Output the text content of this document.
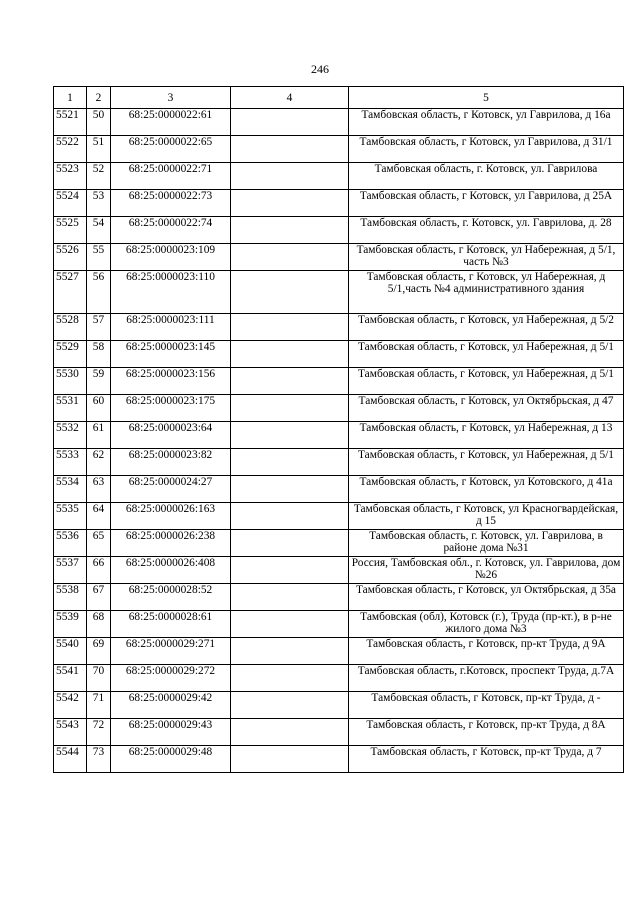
246
1	2	3	4	5
5521	50	68:25:0000022:61		Тамбовская область, г Котовск, ул Гаврилова, д 16а
5522	51	68:25:0000022:65		Тамбовская область, г Котовск, ул Гаврилова, д 31/1
5523	52	68:25:0000022:71		Тамбовская область, г. Котовск, ул. Гаврилова
5524	53	68:25:0000022:73		Тамбовская область, г Котовск, ул Гаврилова, д 25А
5525	54	68:25:0000022:74		Тамбовская область, г. Котовск, ул. Гаврилова, д. 28
5526	55	68:25:0000023:109		Тамбовская область, г Котовск, ул Набережная, д 5/1, часть №3
5527	56	68:25:0000023:110		Тамбовская область, г Котовск, ул Набережная, д 5/1,часть №4 административного здания
5528	57	68:25:0000023:111		Тамбовская область, г Котовск, ул Набережная, д 5/2
5529	58	68:25:0000023:145		Тамбовская область, г Котовск, ул Набережная, д 5/1
5530	59	68:25:0000023:156		Тамбовская область, г Котовск, ул Набережная, д 5/1
5531	60	68:25:0000023:175		Тамбовская область, г Котовск, ул Октябрьская, д 47
5532	61	68:25:0000023:64		Тамбовская область, г Котовск, ул Набережная, д 13
5533	62	68:25:0000023:82		Тамбовская область, г Котовск, ул Набережная, д 5/1
5534	63	68:25:0000024:27		Тамбовская область, г Котовск, ул Котовского, д 41а
5535	64	68:25:0000026:163		Тамбовская область, г Котовск, ул Красногвардейская, д 15
5536	65	68:25:0000026:238		Тамбовская область, г. Котовск, ул. Гаврилова, в районе дома №31
5537	66	68:25:0000026:408		Россия, Тамбовская обл., г. Котовск, ул. Гаврилова, дом №26
5538	67	68:25:0000028:52		Тамбовская область, г Котовск, ул Октябрьская, д 35а
5539	68	68:25:0000028:61		Тамбовская (обл), Котовск (г.), Труда (пр-кт.), в р-не жилого дома №3
5540	69	68:25:0000029:271		Тамбовская область, г Котовск, пр-кт Труда, д 9А
5541	70	68:25:0000029:272		Тамбовская область, г.Котовск, проспект Труда, д.7А
5542	71	68:25:0000029:42		Тамбовская область, г Котовск, пр-кт Труда, д -
5543	72	68:25:0000029:43		Тамбовская область, г Котовск, пр-кт Труда, д 8А
5544	73	68:25:0000029:48		Тамбовская область, г Котовск, пр-кт Труда, д 7
